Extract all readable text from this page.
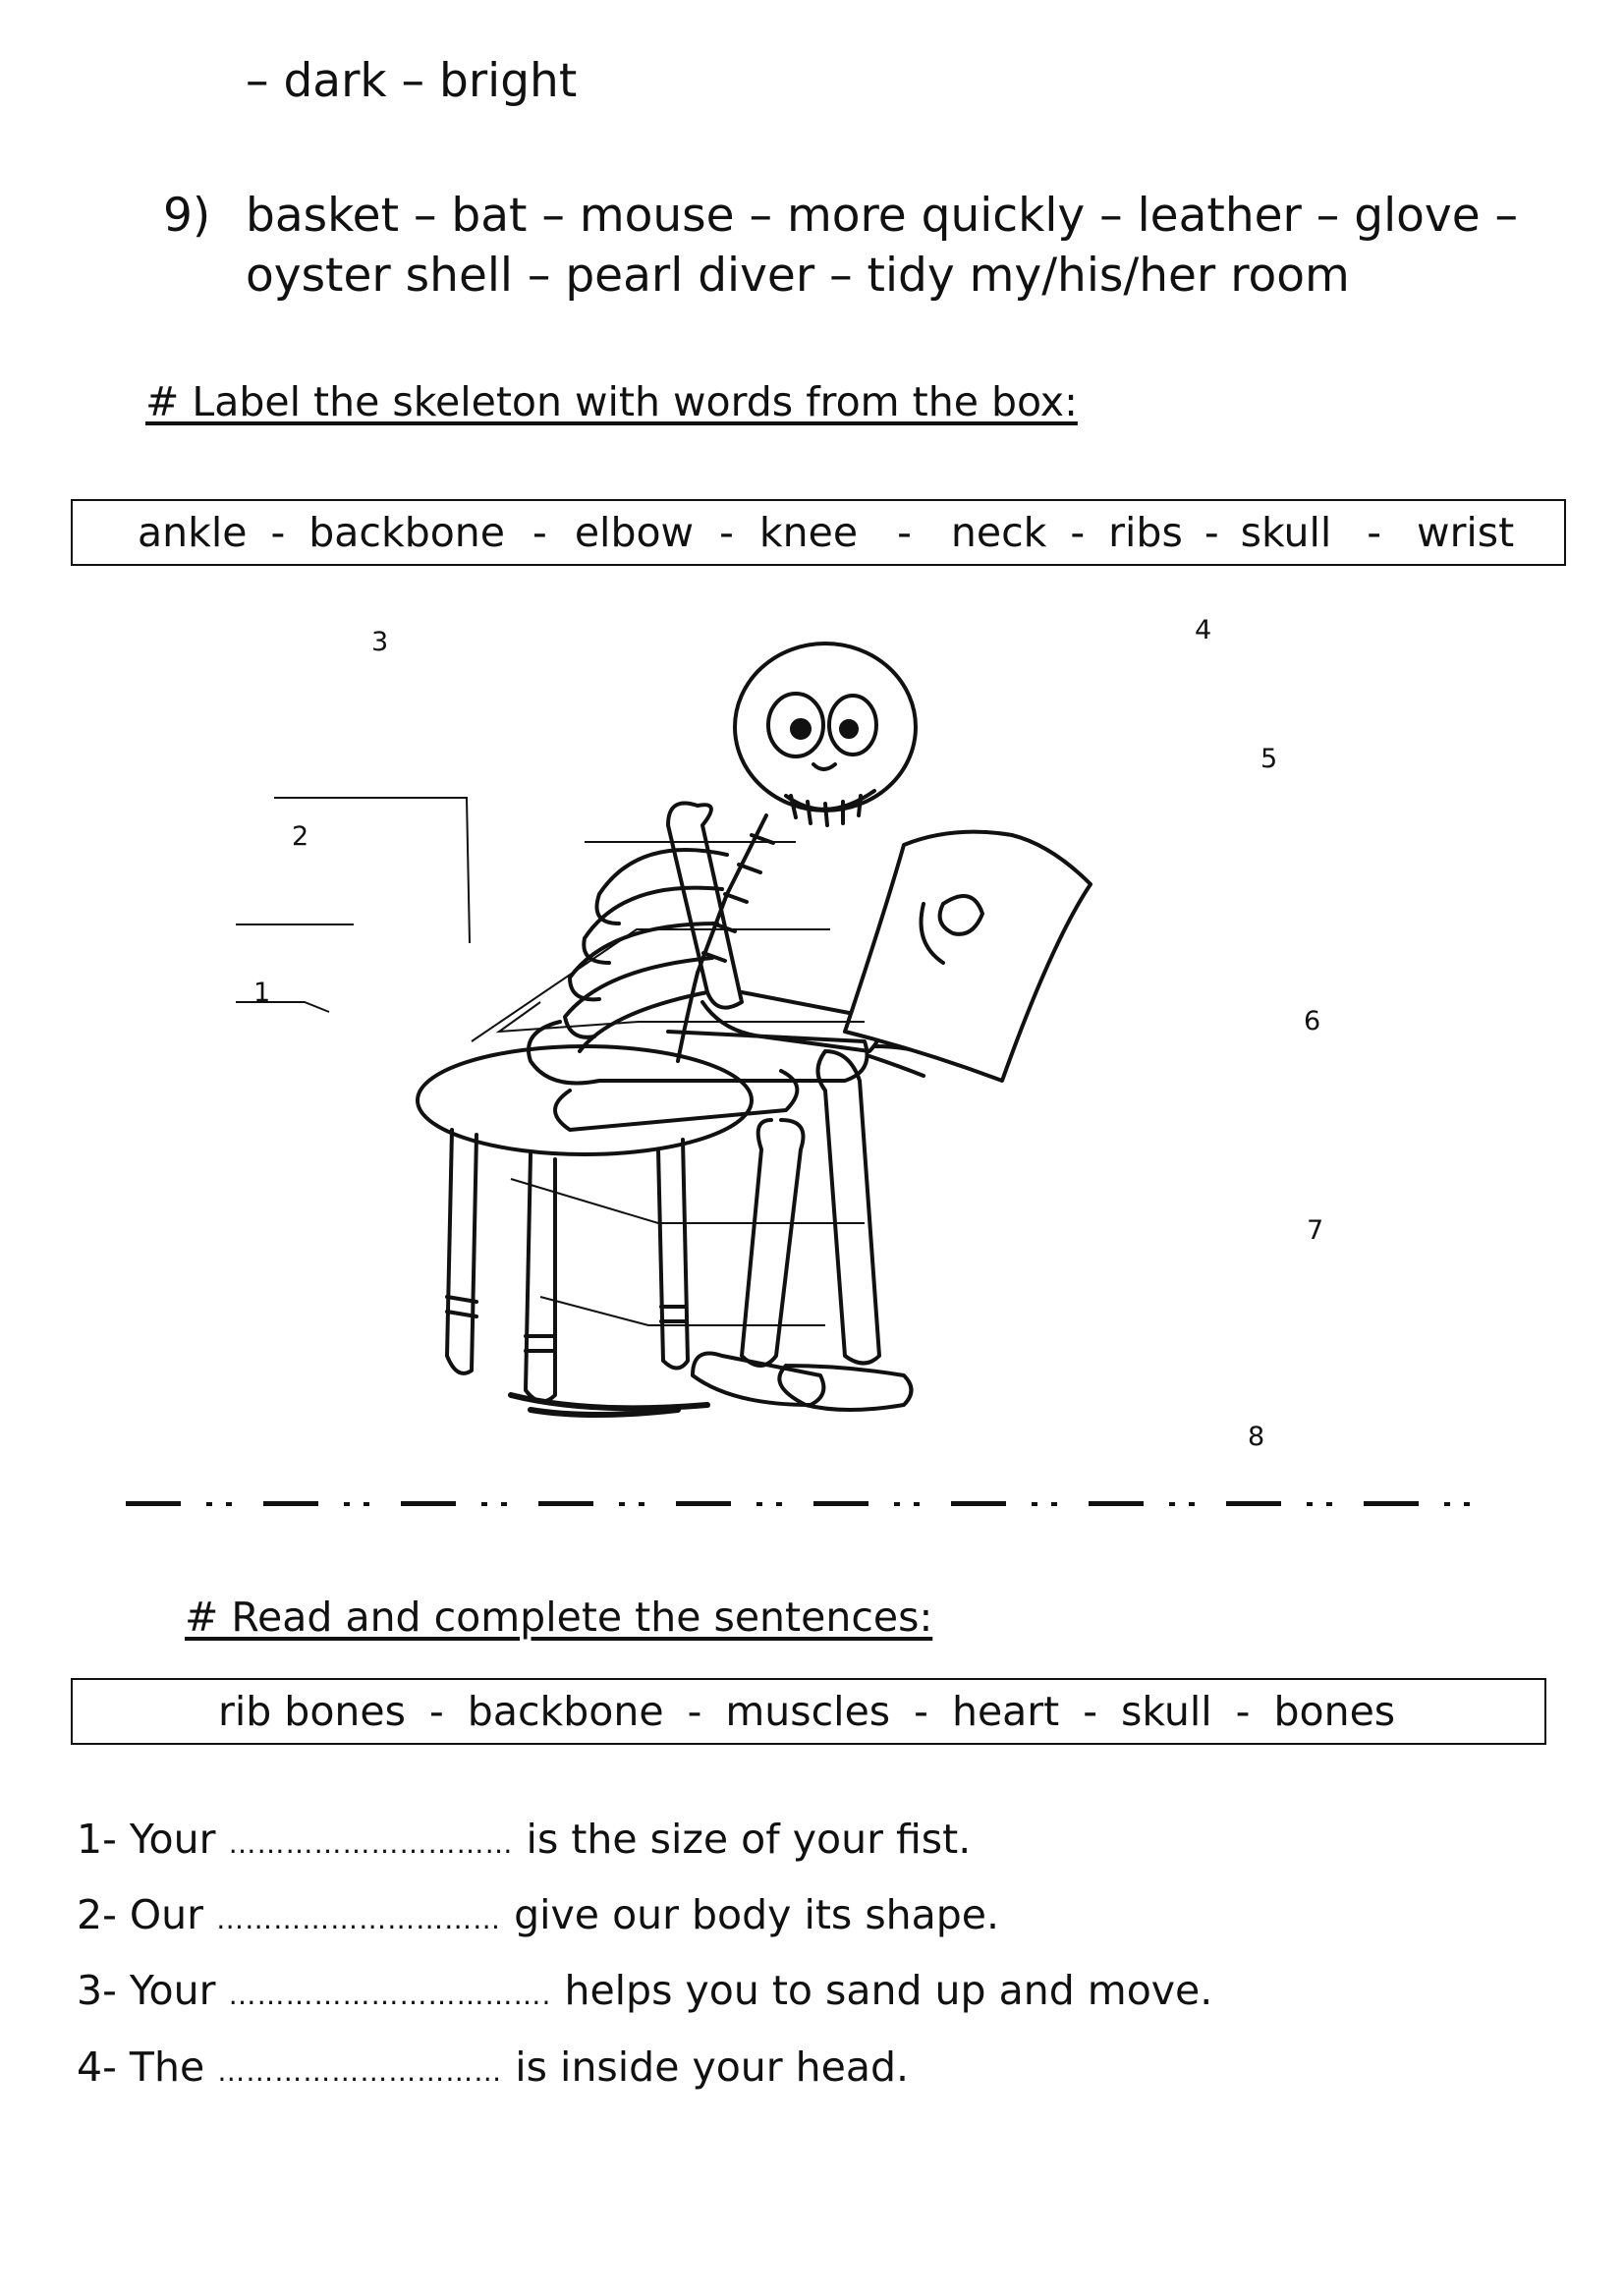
– dark – bright
9) basket – bat – mouse – more quickly – leather – glove –
oyster shell – pearl diver – tidy my/his/her room
# Label the skeleton with words from the box:
ankle - backbone - elbow - knee - neck - ribs - skull - wrist
3	4
2
5
1
6
7
8
# Read and complete the sentences:
rib bones - backbone - muscles - heart - skull - bones
1- Your ………………………… is the size of your fist.
2- Our ………………………… give our body its shape.
3- Your ……………………………. helps you to sand up and move.
4- The ………………………… is inside your head.
